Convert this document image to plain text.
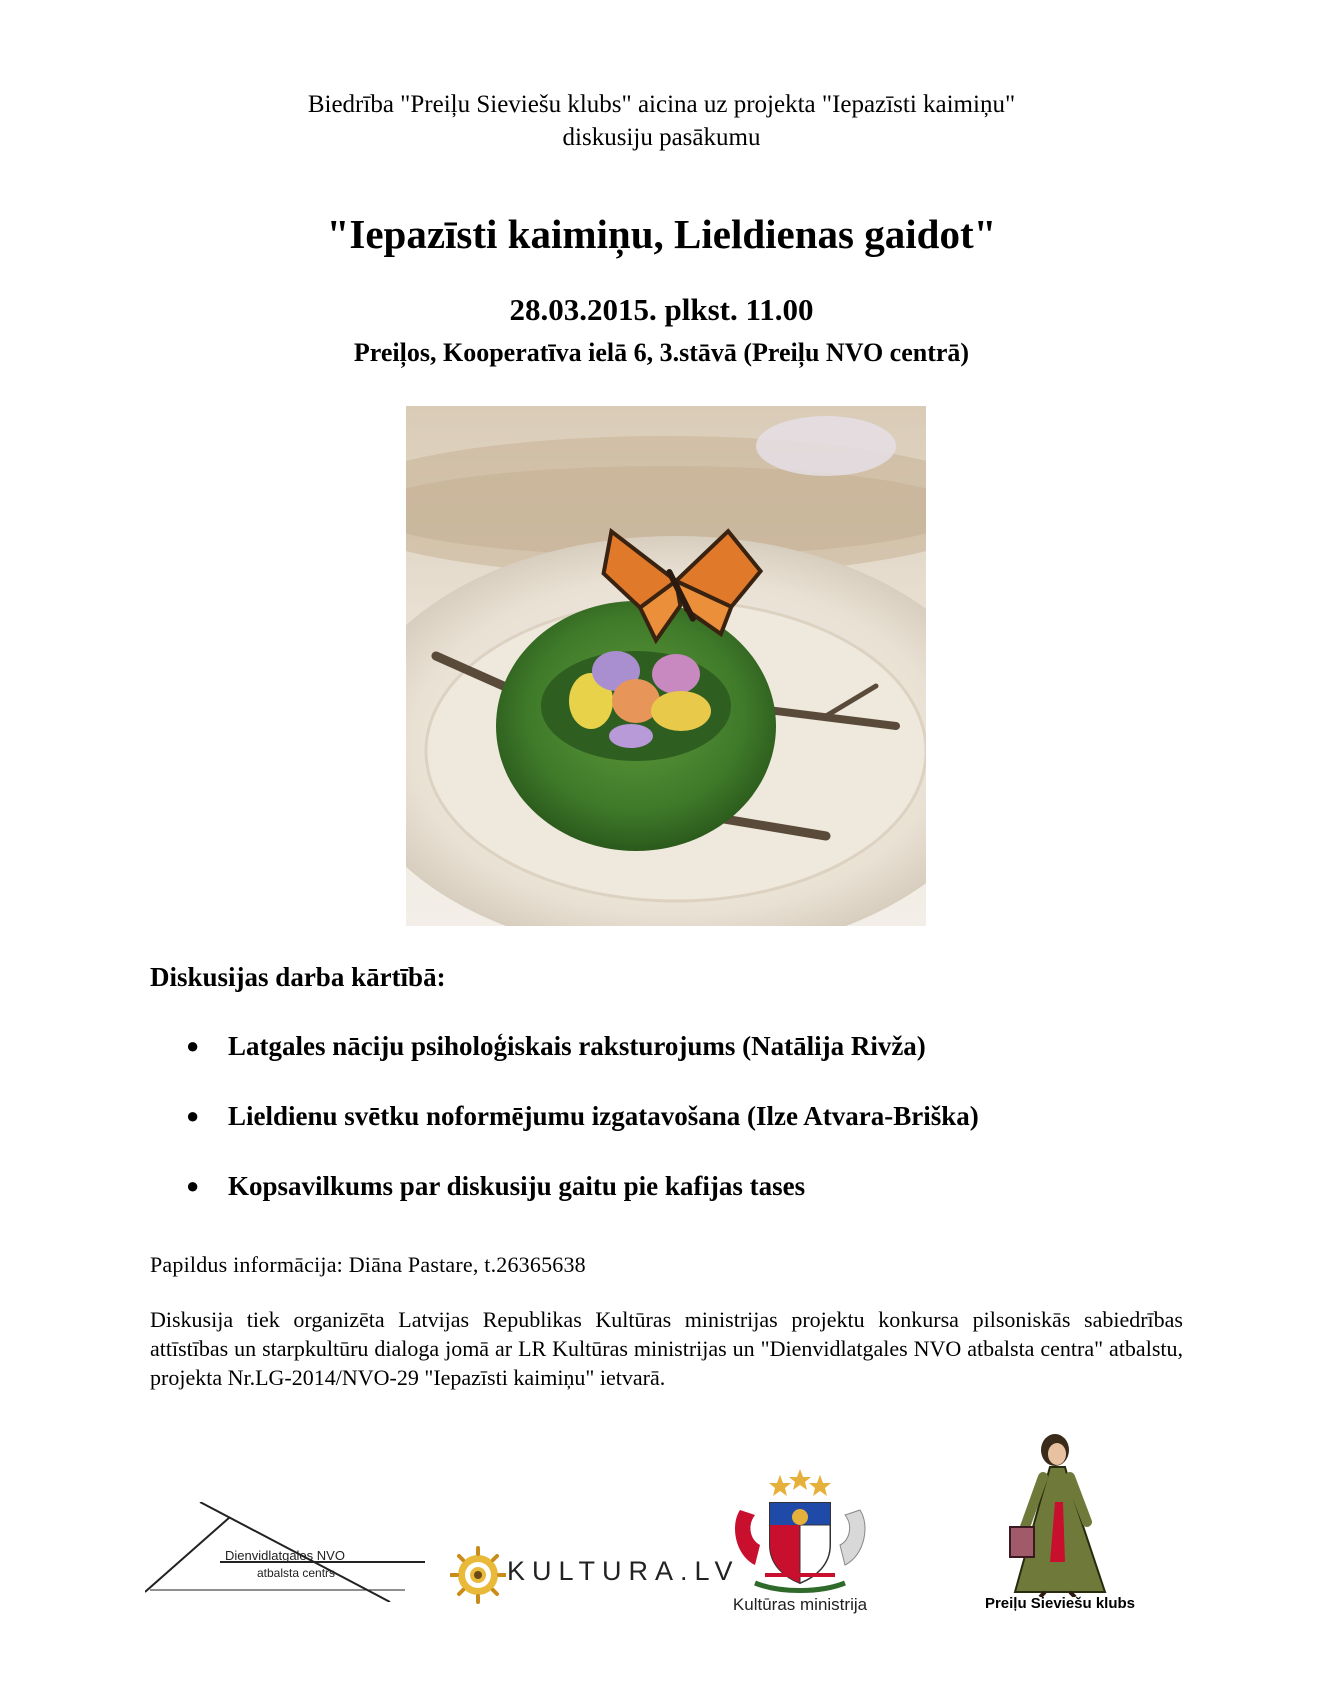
Biedrība "Preiļu Sieviešu klubs" aicina uz projekta "Iepazīsti kaimiņu"
diskusiju pasākumu
"Iepazīsti kaimiņu, Lieldienas gaidot"
28.03.2015. plkst. 11.00
Preiļos, Kooperatīva ielā 6, 3.stāvā (Preiļu NVO centrā)
Diskusijas darba kārtībā:
● Latgales nāciju psiholoģiskais raksturojums (Natālija Rivža)
● Lieldienu svētku noformējumu izgatavošana (Ilze Atvara-Briška)
● Kopsavilkums par diskusiju gaitu pie kafijas tases
Papildus informācija: Diāna Pastare, t.26365638
Diskusija tiek organizēta Latvijas Republikas Kultūras ministrijas projektu konkursa pilsoniskās sabiedrības attīstības un starpkultūru dialoga jomā ar LR Kultūras ministrijas un "Dienvidlatgales NVO atbalsta centra" atbalstu, projekta Nr.LG-2014/NVO-29 "Iepazīsti kaimiņu" ietvarā.
Dienvidlatgales NVO
atbalsta centrs	KULTURA.LV
Kultūras ministrija	Preiļu Sieviešu klubs
